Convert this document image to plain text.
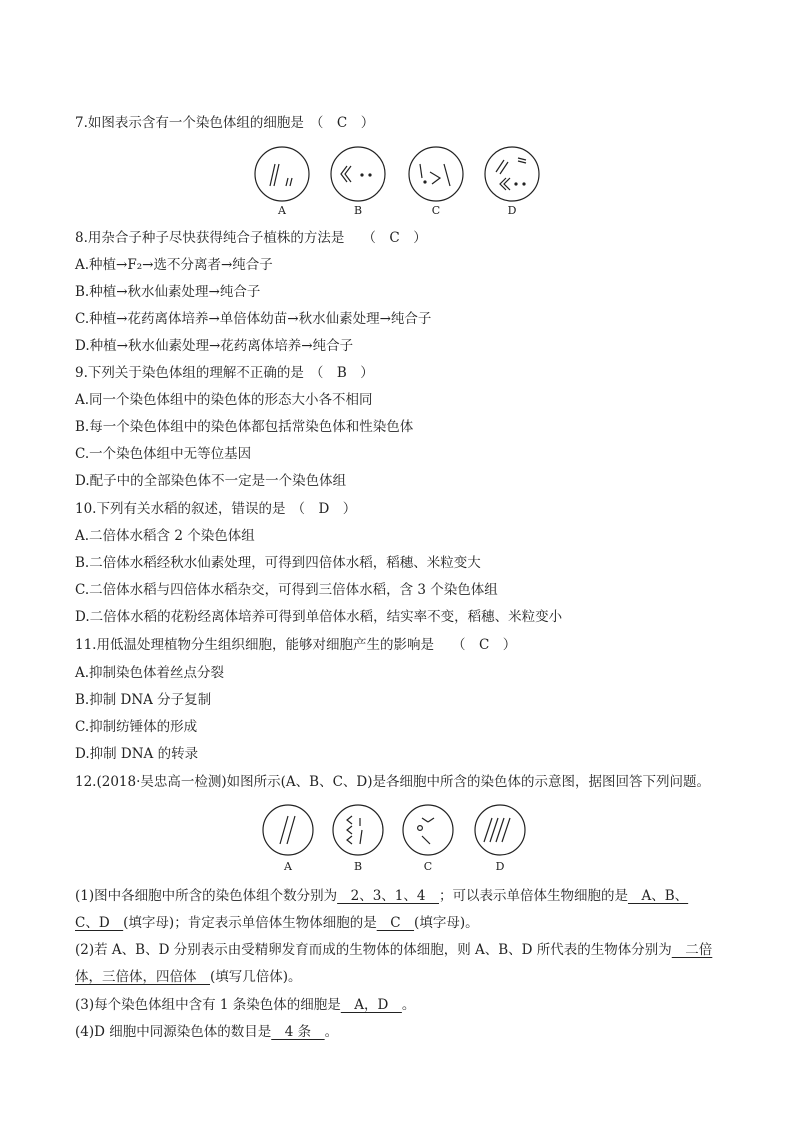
7.如图表示含有一个染色体组的细胞是 （　C　）
A	B	C	D
8.用杂合子种子尽快获得纯合子植株的方法是 （　C　）
A.种植→F₂→选不分离者→纯合子
B.种植→秋水仙素处理→纯合子
C.种植→花药离体培养→单倍体幼苗→秋水仙素处理→纯合子
D.种植→秋水仙素处理→花药离体培养→纯合子
9.下列关于染色体组的理解不正确的是 （　B　）
A.同一个染色体组中的染色体的形态大小各不相同
B.每一个染色体组中的染色体都包括常染色体和性染色体
C.一个染色体组中无等位基因
D.配子中的全部染色体不一定是一个染色体组
10.下列有关水稻的叙述，错误的是 （　D　）
A.二倍体水稻含 2 个染色体组
B.二倍体水稻经秋水仙素处理，可得到四倍体水稻，稻穗、米粒变大
C.二倍体水稻与四倍体水稻杂交，可得到三倍体水稻，含 3 个染色体组
D.二倍体水稻的花粉经离体培养可得到单倍体水稻，结实率不变，稻穗、米粒变小
11.用低温处理植物分生组织细胞，能够对细胞产生的影响是 （　C　）
A.抑制染色体着丝点分裂
B.抑制 DNA 分子复制
C.抑制纺锤体的形成
D.抑制 DNA 的转录
12.(2018·吴忠高一检测)如图所示(A、B、C、D)是各细胞中所含的染色体的示意图，据图回答下列问题。
A	B	C	D
(1)图中各细胞中所含的染色体组个数分别为　2、3、1、4　；可以表示单倍体生物细胞的是　A、B、
C、D　(填字母)；肯定表示单倍体生物体细胞的是　C　(填字母)。
(2)若 A、B、D 分别表示由受精卵发育而成的生物体的体细胞，则 A、B、D 所代表的生物体分别为　二倍
体，三倍体，四倍体　(填写几倍体)。
(3)每个染色体组中含有 1 条染色体的细胞是　A，D　。
(4)D 细胞中同源染色体的数目是　4 条　。
